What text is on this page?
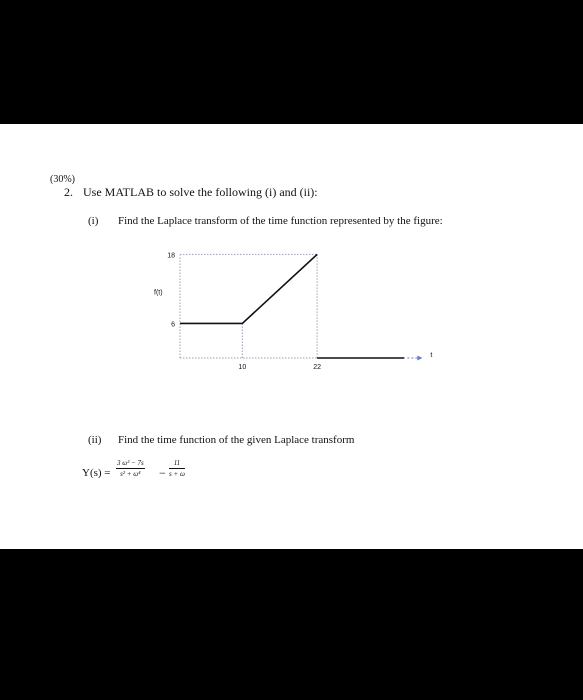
(30%)
2. Use MATLAB to solve the following (i) and (ii):
(i) Find the Laplace transform of the time function represented by the figure:
6
18
10	22
f(t)
t
(ii) Find the time function of the given Laplace transform
$Y(s) = \frac{\text{3 ω² − 7s}}{\text{s² + ω⁴}} - \frac{11}{s + \omega}$
